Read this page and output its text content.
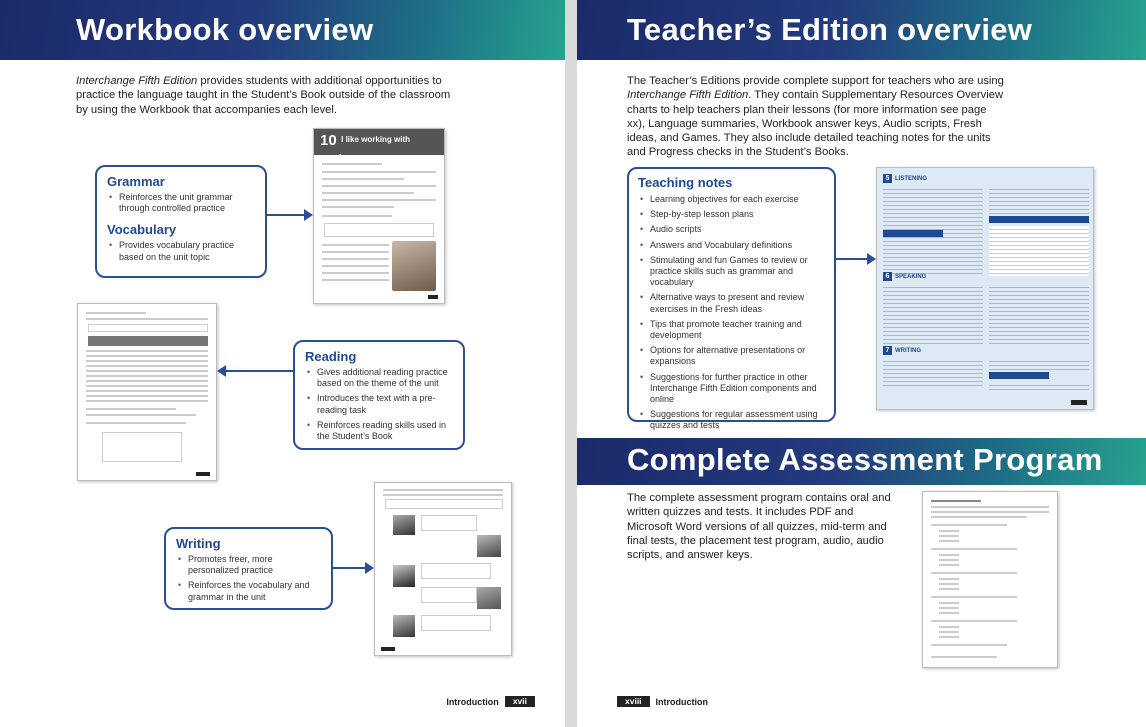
Workbook overview

Interchange Fifth Edition provides students with additional opportunities to practice the language taught in the Student’s Book outside of the classroom by using the Workbook that accompanies each level.

10 I like working with people.
Grammar
• Reinforces the unit grammar through controlled practice
Vocabulary
• Provides vocabulary practice based on the unit topic
Reading
• Gives additional reading practice based on the theme of the unit
• Introduces the text with a pre-reading task
• Reinforces reading skills used in the Student’s Book
Writing
• Promotes freer, more personalized practice
• Reinforces the vocabulary and grammar in the unit
Introduction	xvii
Teacher’s Edition overview

The Teacher’s Editions provide complete support for teachers who are using Interchange Fifth Edition. They contain Supplementary Resources Overview charts to help teachers plan their lessons (for more information see page xx), Language summaries, Workbook answer keys, Audio scripts, Fresh ideas, and Games. They also include detailed teaching notes for the units and Progress checks in the Student’s Books.

Teaching notes
• Learning objectives for each exercise
• Step-by-step lesson plans
• Audio scripts
• Answers and Vocabulary definitions
• Stimulating and fun Games to review or practice skills such as grammar and vocabulary
• Alternative ways to present and review exercises in the Fresh ideas
• Tips that promote teacher training and development
• Options for alternative presentations or expansions
• Suggestions for further practice in other Interchange Fifth Edition components and online
• Suggestions for regular assessment using quizzes and tests
5 LISTENING
6 SPEAKING
7 WRITING
Complete Assessment Program

The complete assessment program contains oral and written quizzes and tests. It includes PDF and Microsoft Word versions of all quizzes, mid-term and final tests, the placement test program, audio, audio scripts, and answer keys.

xviii	Introduction
